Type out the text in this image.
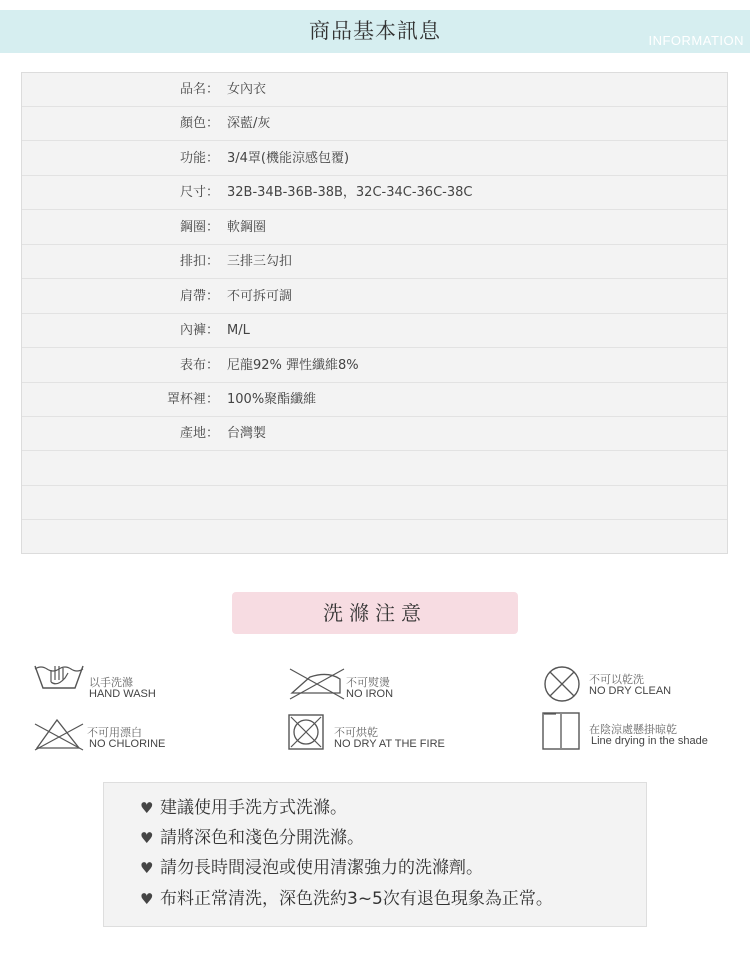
商品基本訊息	INFORMATION
品名： 女內衣
顏色： 深藍/灰
功能： 3/4罩(機能涼感包覆)
尺寸： 32B-34B-36B-38B，32C-34C-36C-38C
鋼圈： 軟鋼圈
排扣： 三排三勾扣
肩帶： 不可拆可調
內褲： M/L
表布： 尼龍92% 彈性纖維8%
罩杯裡： 100%聚酯纖維
產地： 台灣製
洗滌注意
以手洗滌
HAND WASH
不可熨燙
NO IRON
不可以乾洗
NO DRY CLEAN
不可用漂白
NO CHLORINE
不可烘乾
NO DRY AT THE FIRE
在陰涼處懸掛晾乾
Line drying in the shade
♥ 建議使用手洗方式洗滌。
♥ 請將深色和淺色分開洗滌。
♥ 請勿長時間浸泡或使用清潔強力的洗滌劑。
♥ 布料正常清洗，深色洗約3~5次有退色現象為正常。
